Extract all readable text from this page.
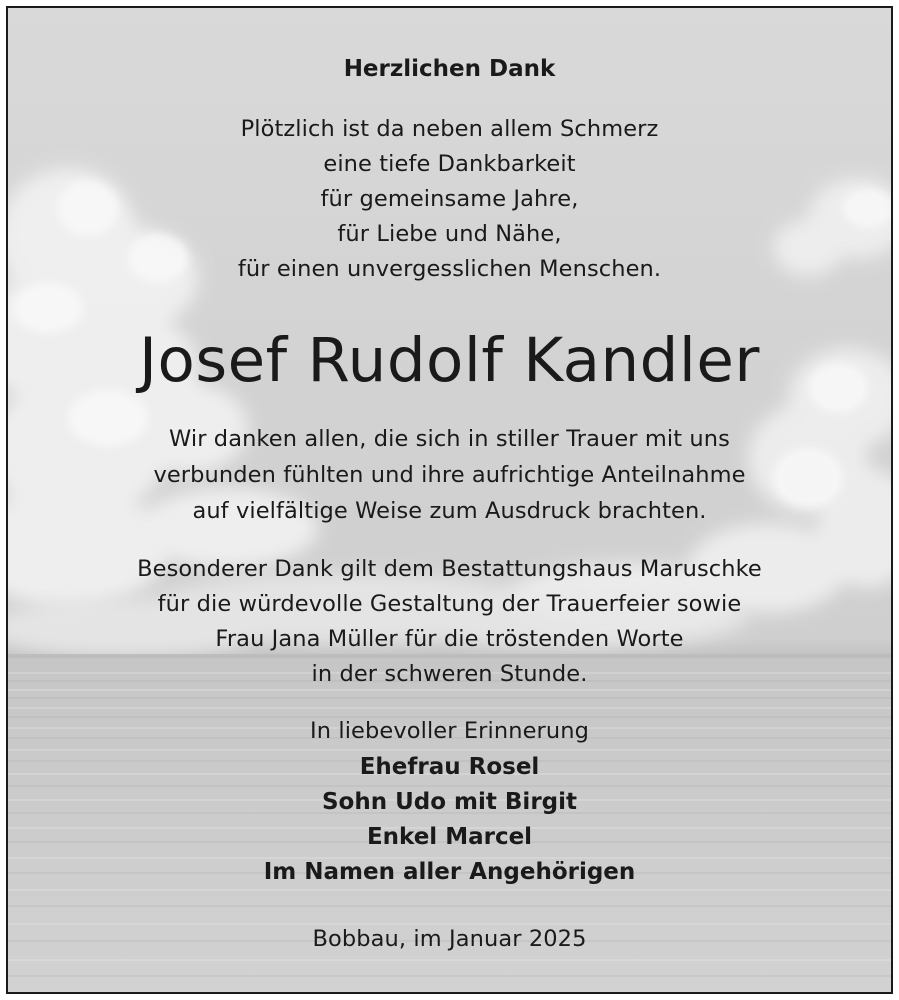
Herzlichen Dank
Plötzlich ist da neben allem Schmerz
eine tiefe Dankbarkeit
für gemeinsame Jahre,
für Liebe und Nähe,
für einen unvergesslichen Menschen.
Josef Rudolf Kandler
Wir danken allen, die sich in stiller Trauer mit uns
verbunden fühlten und ihre aufrichtige Anteilnahme
auf vielfältige Weise zum Ausdruck brachten.
Besonderer Dank gilt dem Bestattungshaus Maruschke
für die würdevolle Gestaltung der Trauerfeier sowie
Frau Jana Müller für die tröstenden Worte
in der schweren Stunde.
In liebevoller Erinnerung
Ehefrau Rosel
Sohn Udo mit Birgit
Enkel Marcel
Im Namen aller Angehörigen
Bobbau, im Januar 2025
